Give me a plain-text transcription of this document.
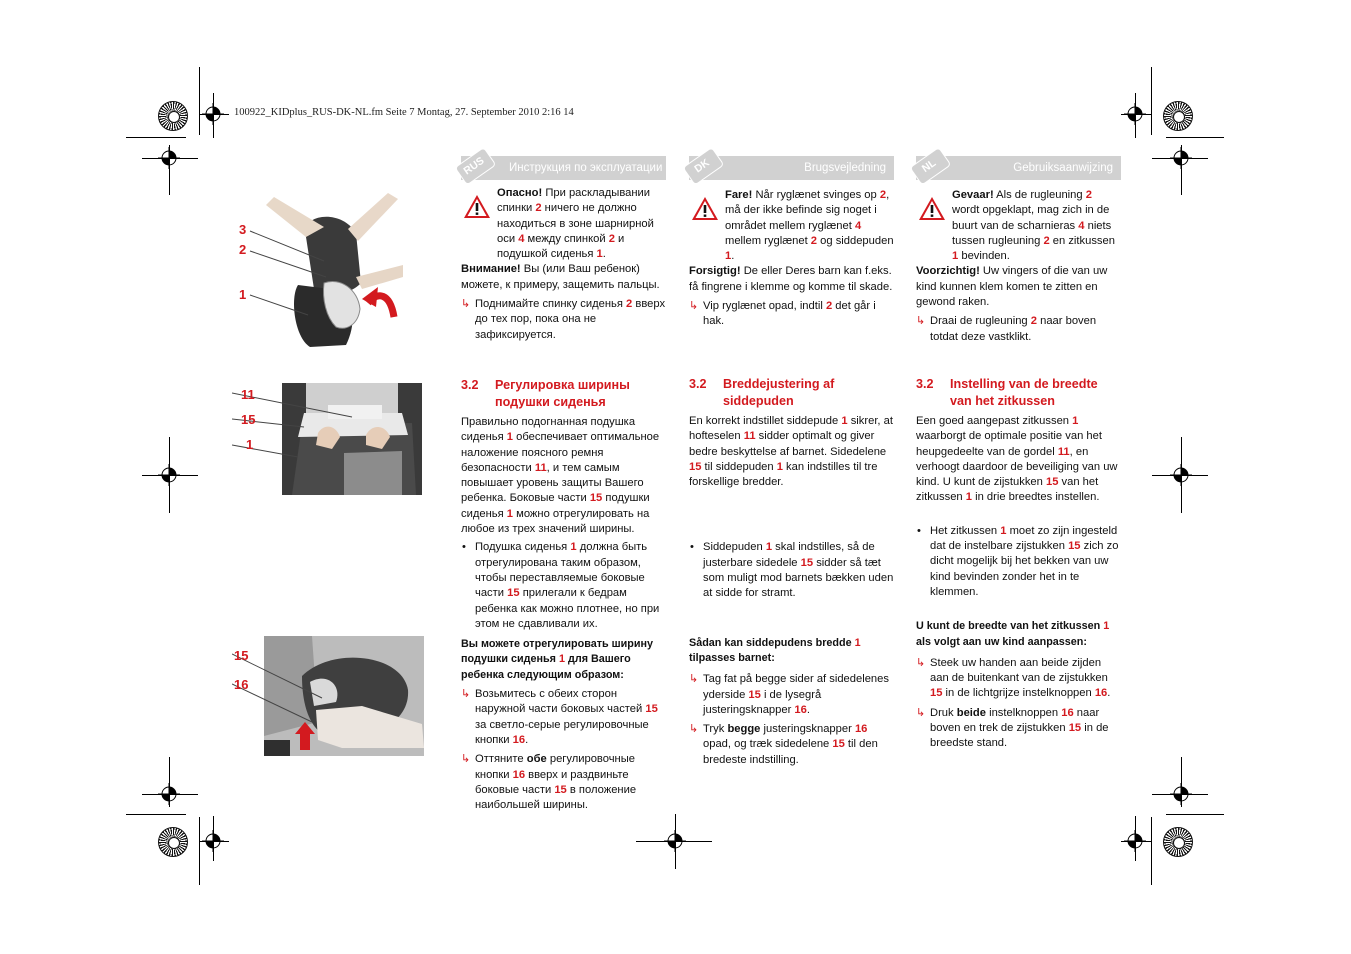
100922_KIDplus_RUS-DK-NL.fm Seite 7 Montag, 27. September 2010 2:16 14
3
2
1
11
15
1
15
16
RUS	Инструкция по эксплуатации	DK	Brugsvejledning	NL	Gebruiksaanwijzing

Опасно! При раскладывании спинки 2 ничего не должно находиться в зоне шарнирной оси 4 между спинкой 2 и подушкой сиденья 1.

Внимание! Вы (или Ваш ребенок) можете, к примеру, защемить пальцы.

↳ Поднимайте спинку сиденья 2 вверх до тех пор, пока она не зафиксируется.

3.2 Регулировка ширины подушки сиденья

Правильно подогнанная подушка сиденья 1 обеспечивает оптимальное наложение поясного ремня безопасности 11, и тем самым повышает уровень защиты Вашего ребенка. Боковые части 15 подушки сиденья 1 можно отрегулировать на любое из трех значений ширины.

• Подушка сиденья 1 должна быть отрегулирована таким образом, чтобы переставляемые боковые части 15 прилегали к бедрам ребенка как можно плотнее, но при этом не сдавливали их.

Вы можете отрегулировать ширину подушки сиденья 1 для Вашего ребенка следующим образом:

↳ Возьмитесь с обеих сторон наружной части боковых частей 15 за светло-серые регулировочные кнопки 16.

↳ Оттяните обе регулировочные кнопки 16 вверх и раздвиньте боковые части 15 в положение наибольшей ширины.

Fare! Når ryglænet svinges op 2, må der ikke befinde sig noget i området mellem ryglænet 4 mellem ryglænet 2 og siddepuden 1.

Forsigtig! De eller Deres barn kan f.eks. få fingrene i klemme og komme til skade.

↳ Vip ryglænet opad, indtil 2 det går i hak.

3.2 Breddejustering af siddepuden

En korrekt indstillet siddepude 1 sikrer, at hofteselen 11 sidder optimalt og giver bedre beskyttelse af barnet. Sidedelene 15 til siddepuden 1 kan indstilles til tre forskellige bredder.

• Siddepuden 1 skal indstilles, så de justerbare sidedele 15 sidder så tæt som muligt mod barnets bækken uden at sidde for stramt.

Sådan kan siddepudens bredde 1 tilpasses barnet:

↳ Tag fat på begge sider af sidedelenes yderside 15 i de lysegrå justeringsknapper 16.

↳ Tryk begge justeringsknapper 16 opad, og træk sidedelene 15 til den bredeste indstilling.

Gevaar! Als de rugleuning 2 wordt opgeklapt, mag zich in de buurt van de scharnieras 4 niets tussen rugleuning 2 en zitkussen 1 bevinden.

Voorzichtig! Uw vingers of die van uw kind kunnen klem komen te zitten en gewond raken.

↳ Draai de rugleuning 2 naar boven totdat deze vastklikt.

3.2 Instelling van de breedte van het zitkussen

Een goed aangepast zitkussen 1 waarborgt de optimale positie van het heupgedeelte van de gordel 11, en verhoogt daardoor de beveiliging van uw kind. U kunt de zijstukken 15 van het zitkussen 1 in drie breedtes instellen.

• Het zitkussen 1 moet zo zijn ingesteld dat de instelbare zijstukken 15 zich zo dicht mogelijk bij het bekken van uw kind bevinden zonder het in te klemmen.

U kunt de breedte van het zitkussen 1 als volgt aan uw kind aanpassen:

↳ Steek uw handen aan beide zijden aan de buitenkant van de zijstukken 15 in de lichtgrijze instelknoppen 16.

↳ Druk beide instelknoppen 16 naar boven en trek de zijstukken 15 in de breedste stand.
